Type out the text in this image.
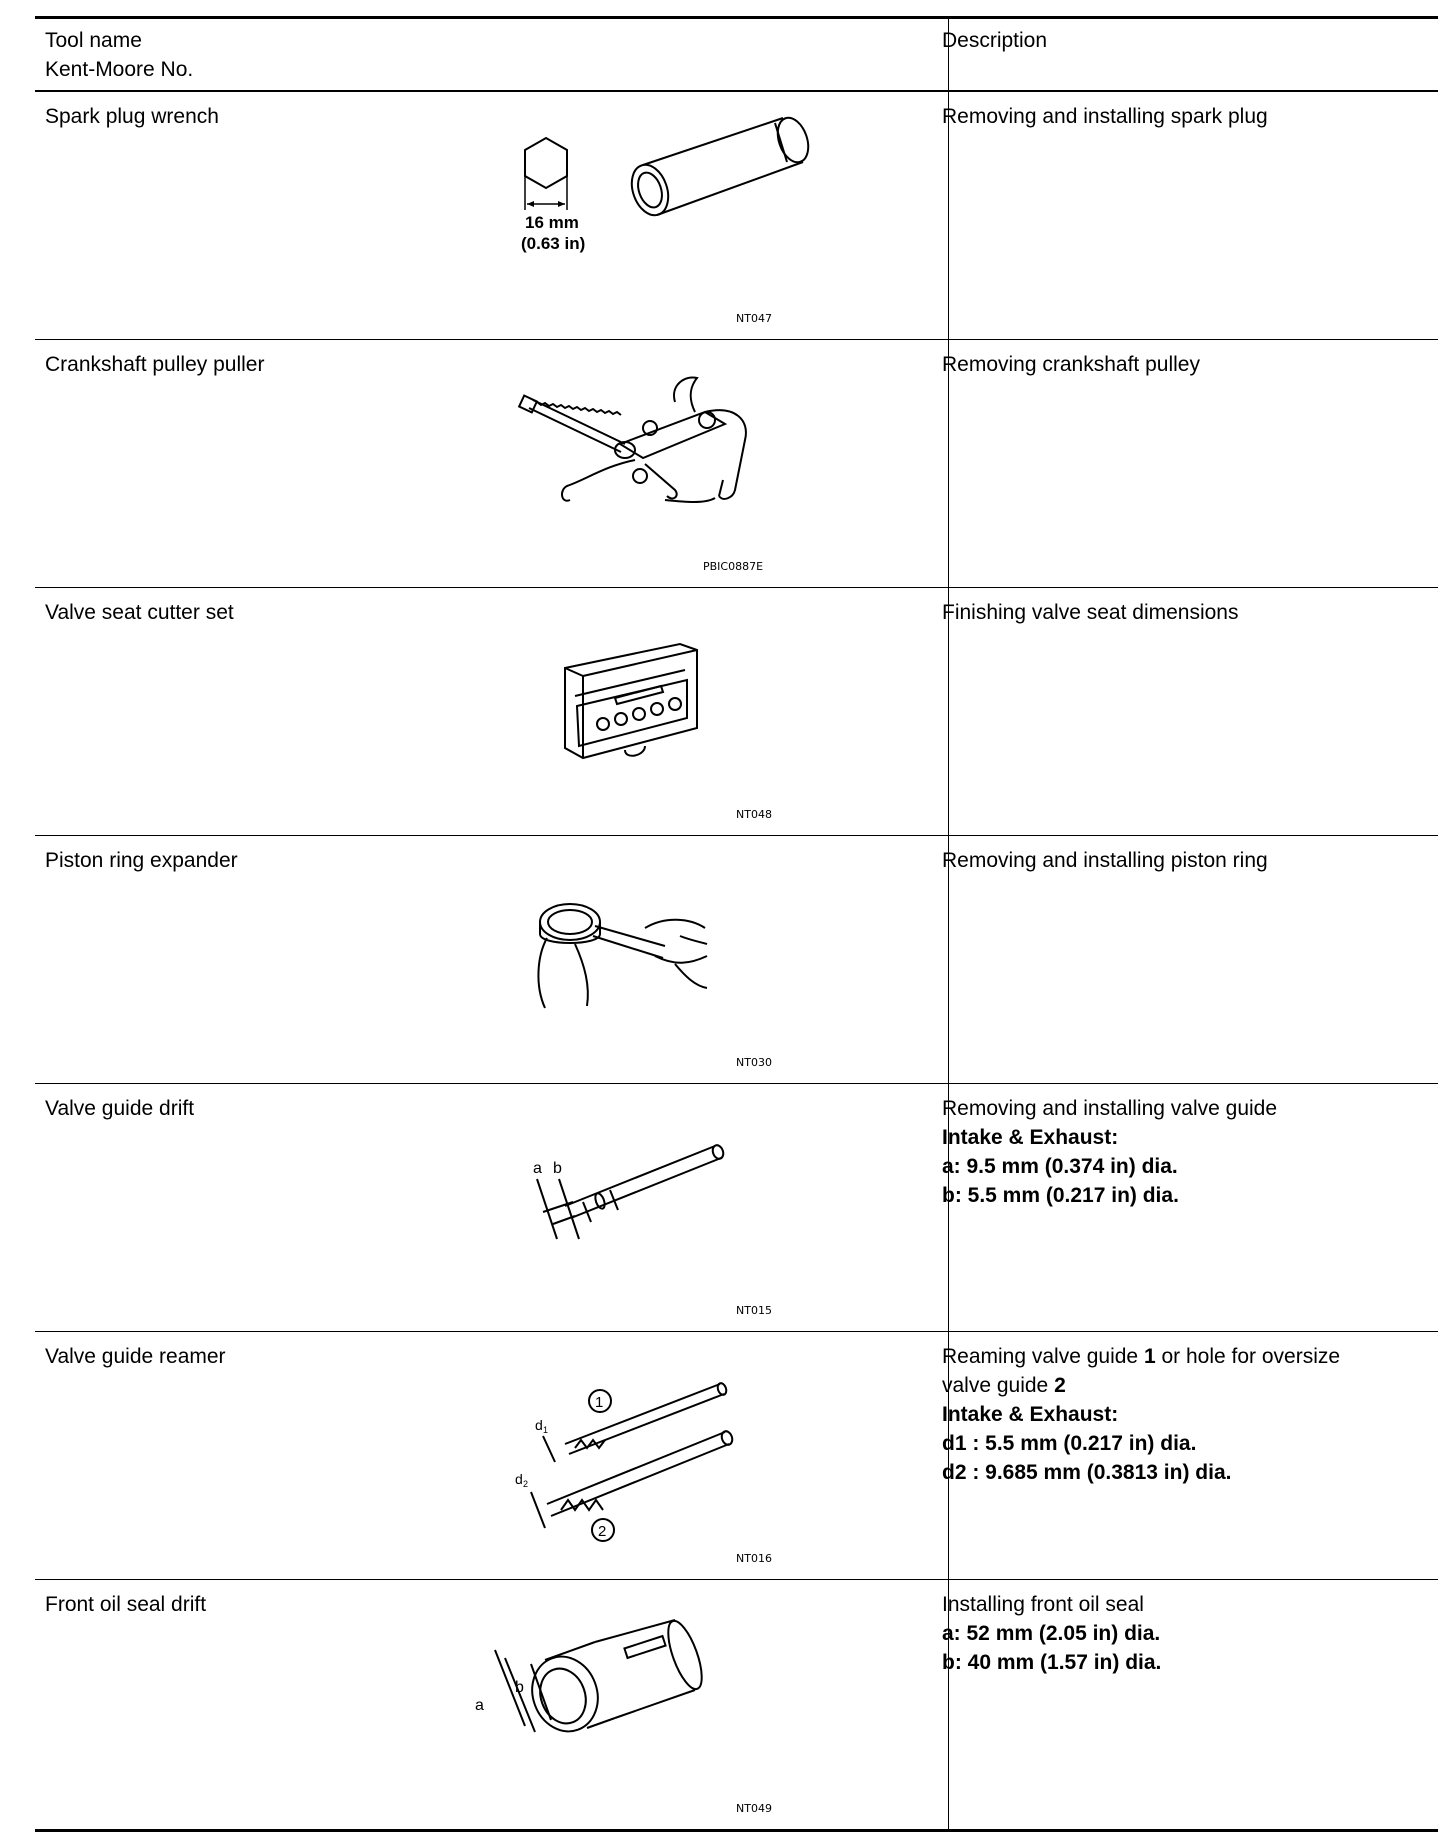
Tool name
Kent-Moore No.
Description
Spark plug wrench
16 mm
(0.63 in)
NT047
Removing and installing spark plug
Crankshaft pulley puller
PBIC0887E
Removing crankshaft pulley
Valve seat cutter set
NT048
Finishing valve seat dimensions
Piston ring expander
NT030
Removing and installing piston ring
Valve guide drift
a b
NT015
Removing and installing valve guide
Intake & Exhaust:
a: 9.5 mm (0.374 in) dia.
b: 5.5 mm (0.217 in) dia.
Valve guide reamer
1
2
d 1
d 2
NT016
Reaming valve guide 1 or hole for oversize
valve guide 2
Intake & Exhaust:
d1 : 5.5 mm (0.217 in) dia.
d2 : 9.685 mm (0.3813 in) dia.
Front oil seal drift
a
b
NT049
Installing front oil seal
a: 52 mm (2.05 in) dia.
b: 40 mm (1.57 in) dia.
